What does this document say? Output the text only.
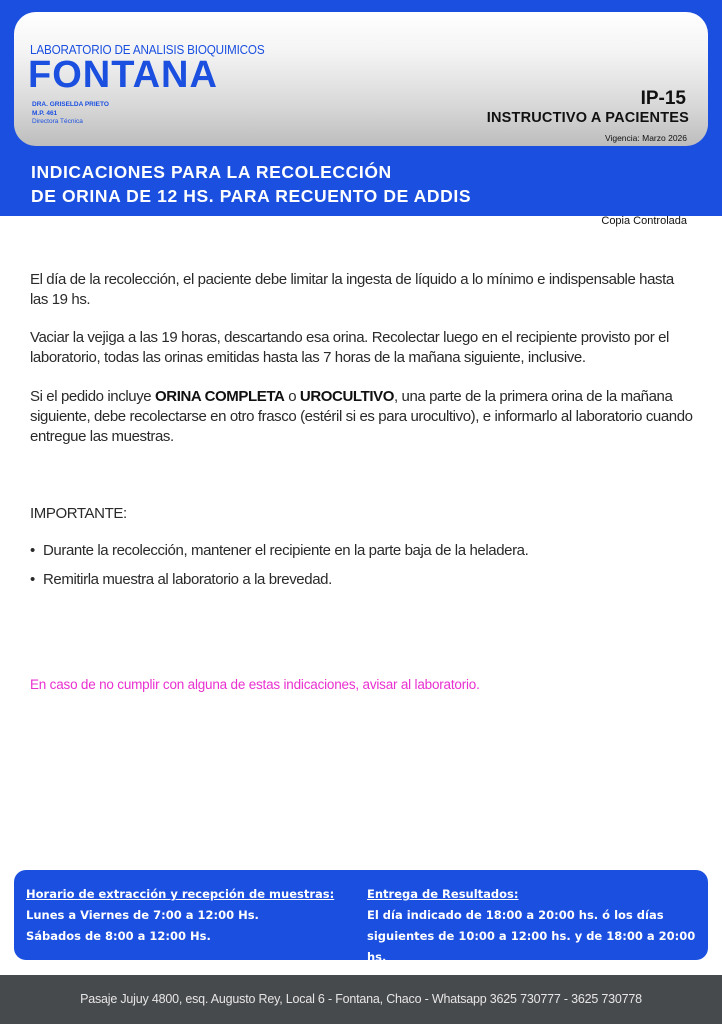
LABORATORIO DE ANALISIS BIOQUIMICOS
FONTANA
DRA. GRISELDA PRIETO
M.P. 461
Directora Técnica
IP-15
INSTRUCTIVO A PACIENTES
Vigencia: Marzo 2026
INDICACIONES PARA LA RECOLECCIÓN
DE ORINA DE 12 HS. PARA RECUENTO DE ADDIS
Copia Controlada

El día de la recolección, el paciente debe limitar la ingesta de líquido a lo mínimo e indispensable hasta las 19 hs.

Vaciar la vejiga a las 19 horas, descartando esa orina. Recolectar luego en el recipiente provisto por el laboratorio, todas las orinas emitidas hasta las 7 horas de la mañana siguiente, inclusive.

Si el pedido incluye ORINA COMPLETA o UROCULTIVO, una parte de la primera orina de la mañana siguiente, debe recolectarse en otro frasco (estéril si es para urocultivo), e informarlo al laboratorio cuando entregue las muestras.

IMPORTANTE:
• Durante la recolección, mantener el recipiente en la parte baja de la heladera.
• Remitirla muestra al laboratorio a la brevedad.
En caso de no cumplir con alguna de estas indicaciones, avisar al laboratorio.
Horario de extracción y recepción de muestras:
Lunes a Viernes de 7:00 a 12:00 Hs.
Sábados de 8:00 a 12:00 Hs.
Entrega de Resultados:
El día indicado de 18:00 a 20:00 hs. ó los días
siguientes de 10:00 a 12:00 hs. y de 18:00 a 20:00 hs.
Pasaje Jujuy 4800, esq. Augusto Rey, Local 6 - Fontana, Chaco - Whatsapp 3625 730777 - 3625 730778
